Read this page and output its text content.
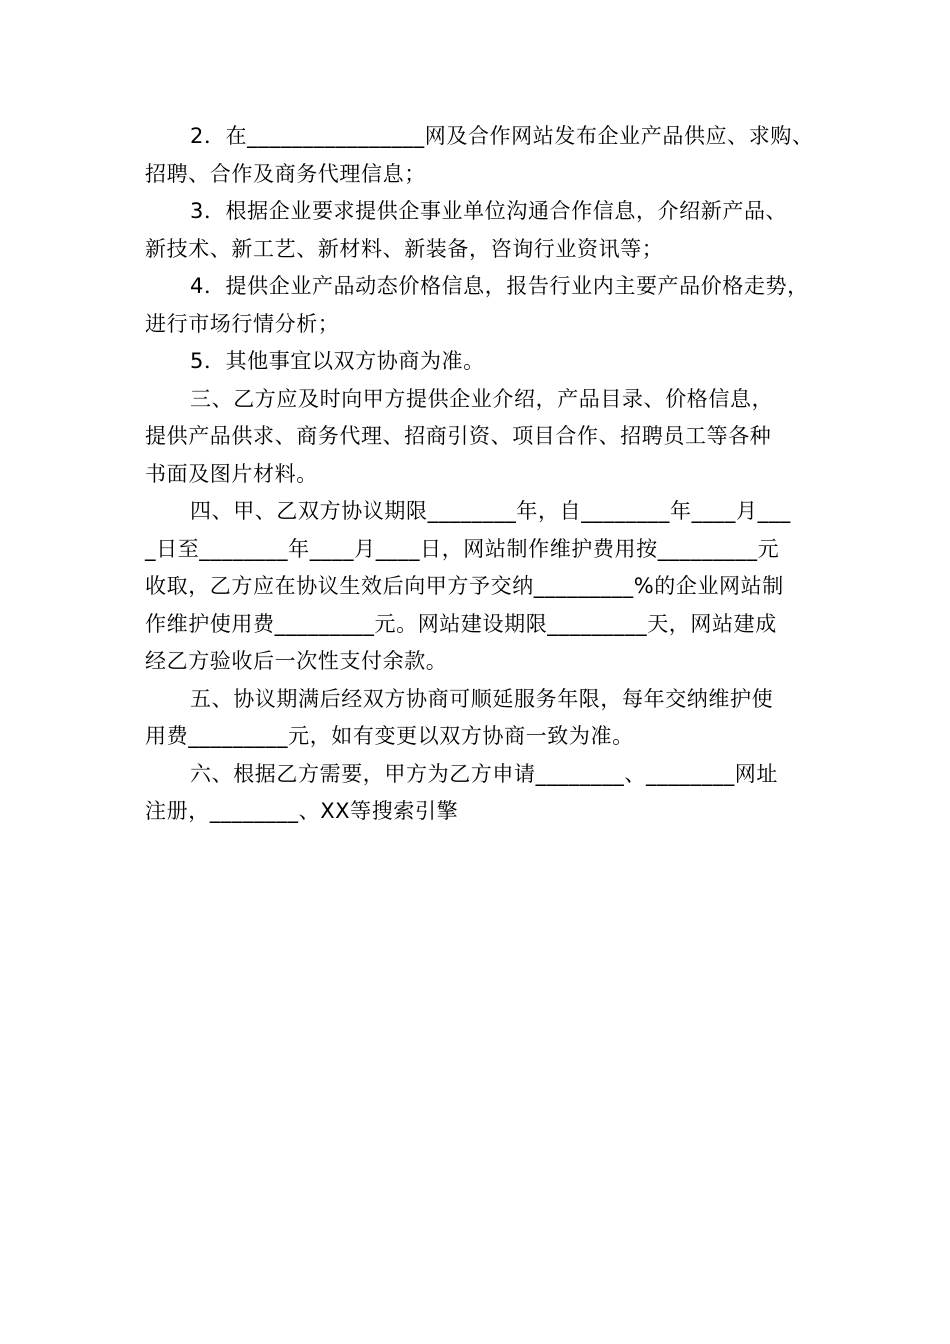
2．在________________网及合作网站发布企业产品供应、求购、
招聘、合作及商务代理信息；

3．根据企业要求提供企事业单位沟通合作信息，介绍新产品、
新技术、新工艺、新材料、新装备，咨询行业资讯等；

4．提供企业产品动态价格信息，报告行业内主要产品价格走势，
进行市场行情分析；

5．其他事宜以双方协商为准。

三、乙方应及时向甲方提供企业介绍，产品目录、价格信息，
提供产品供求、商务代理、招商引资、项目合作、招聘员工等各种
书面及图片材料。

四、甲、乙双方协议期限________年，自________年____月___
_日至________年____月____日，网站制作维护费用按_________元
收取，乙方应在协议生效后向甲方予交纳_________%的企业网站制
作维护使用费_________元。网站建设期限_________天，网站建成
经乙方验收后一次性支付余款。

五、协议期满后经双方协商可顺延服务年限，每年交纳维护使
用费_________元，如有变更以双方协商一致为准。

六、根据乙方需要，甲方为乙方申请________、________网址
注册，________、XX等搜索引擎
